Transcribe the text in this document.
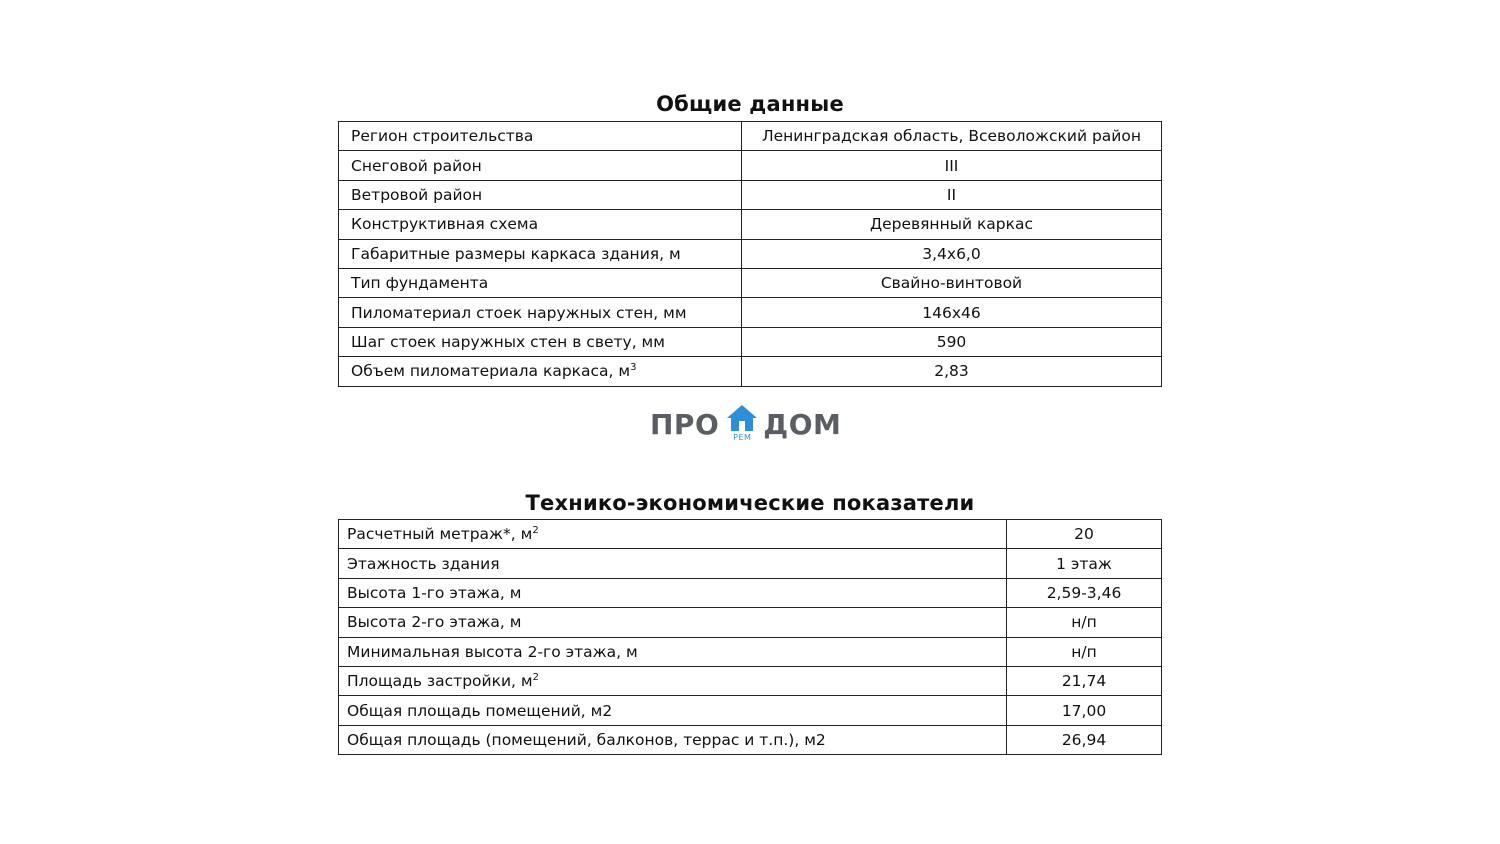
Общие данные
Регион строительства	Ленинградская область, Всеволожский район
Снеговой район	III
Ветровой район	II
Конструктивная схема	Деревянный каркас
Габаритные размеры каркаса здания, м	3,4х6,0
Тип фундамента	Свайно-винтовой
Пиломатериал стоек наружных стен, мм	146х46
Шаг стоек наружных стен в свету, мм	590
Объем пиломатериала каркаса, $м^3$	2,83
ПРО	РЕМ ДОМ
Технико-экономические показатели
Расчетный метраж*, $м^2$	20
Этажность здания	1 этаж
Высота 1-го этажа, м	2,59-3,46
Высота 2-го этажа, м	н/п
Минимальная высота 2-го этажа, м	н/п
Площадь застройки, $м^2$	21,74
Общая площадь помещений, м2	17,00
Общая площадь (помещений, балконов, террас и т.п.), м2	26,94
